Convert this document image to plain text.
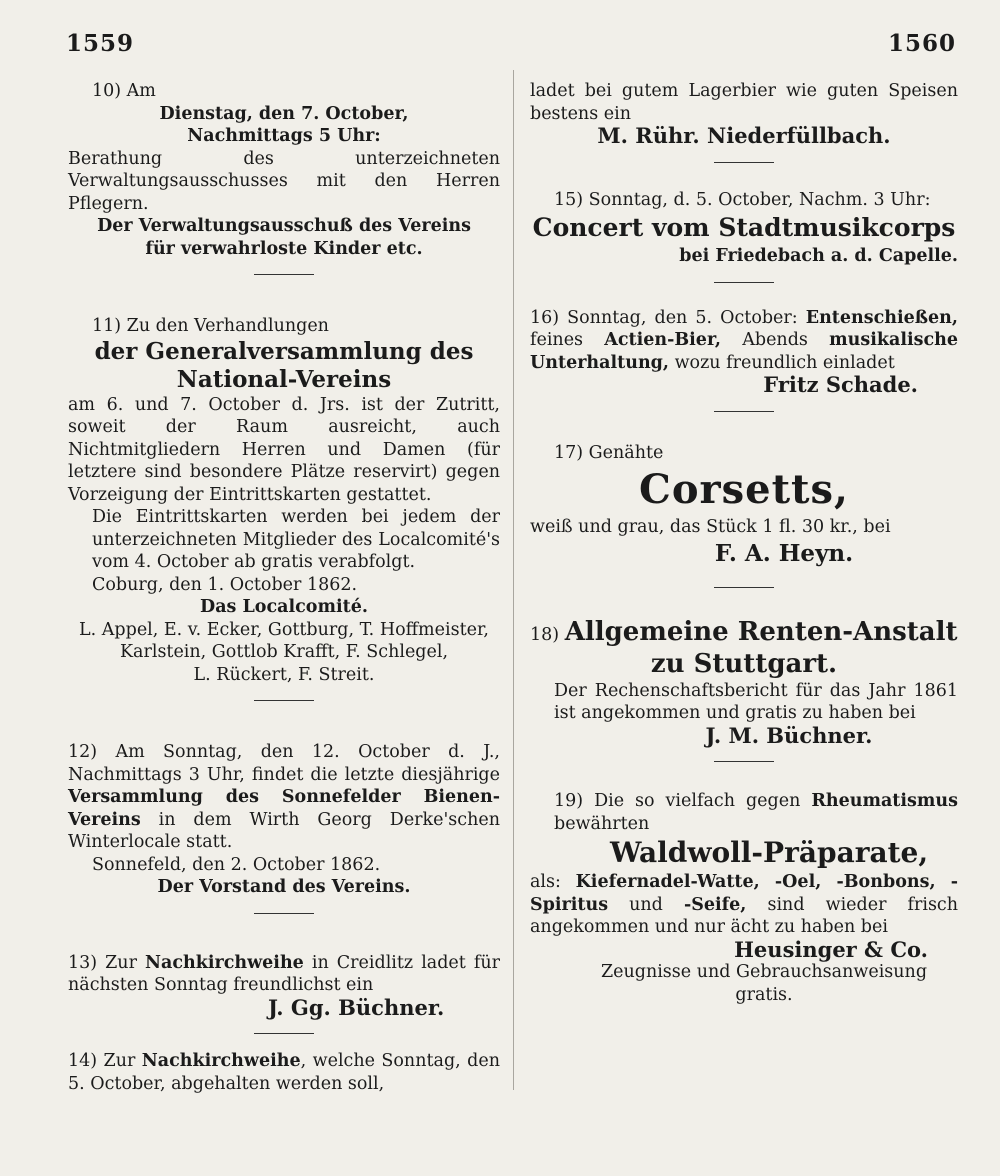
1559	1560

10) Am

Dienstag, den 7. October,

Nachmittags 5 Uhr:

Berathung des unterzeichneten Verwaltungsausschusses mit den Herren Pflegern.

Der Verwaltungsausschuß des Vereins

für verwahrloste Kinder etc.

11) Zu den Verhandlungen

der Generalversammlung des National-Vereins

am 6. und 7. October d. Jrs. ist der Zutritt, soweit der Raum ausreicht, auch Nichtmitgliedern Herren und Damen (für letztere sind besondere Plätze reservirt) gegen Vorzeigung der Eintrittskarten gestattet.

Die Eintrittskarten werden bei jedem der unterzeichneten Mitglieder des Localcomité's vom 4. October ab gratis verabfolgt.

Coburg, den 1. October 1862.

Das Localcomité.

L. Appel, E. v. Ecker, Gottburg, T. Hoffmeister,

Karlstein, Gottlob Krafft, F. Schlegel,

L. Rückert, F. Streit.

12) Am Sonntag, den 12. October d. J., Nachmittags 3 Uhr, findet die letzte diesjährige Versammlung des Sonnefelder Bienen-Vereins in dem Wirth Georg Derke'schen Winterlocale statt.

Sonnefeld, den 2. October 1862.

Der Vorstand des Vereins.

13) Zur Nachkirchweihe in Creidlitz ladet für nächsten Sonntag freundlichst ein

J. Gg. Büchner.

14) Zur Nachkirchweihe, welche Sonntag, den 5. October, abgehalten werden soll,

ladet bei gutem Lagerbier wie guten Speisen bestens ein

M. Rühr. Niederfüllbach.

15) Sonntag, d. 5. October, Nachm. 3 Uhr:

Concert vom Stadtmusikcorps

bei Friedebach a. d. Capelle.

16) Sonntag, den 5. October: Entenschießen, feines Actien-Bier, Abends musikalische Unterhaltung, wozu freundlich einladet

Fritz Schade.

17) Genähte

Corsetts,

weiß und grau, das Stück 1 fl. 30 kr., bei

F. A. Heyn.

18) Allgemeine Renten-Anstalt

zu Stuttgart.

Der Rechenschaftsbericht für das Jahr 1861 ist angekommen und gratis zu haben bei

J. M. Büchner.

19) Die so vielfach gegen Rheumatismus bewährten

Waldwoll-Präparate,

als: Kiefernadel-Watte, -Oel, -Bonbons, -Spiritus und -Seife, sind wieder frisch angekommen und nur ächt zu haben bei

Heusinger & Co.

Zeugnisse und Gebrauchsanweisung gratis.
